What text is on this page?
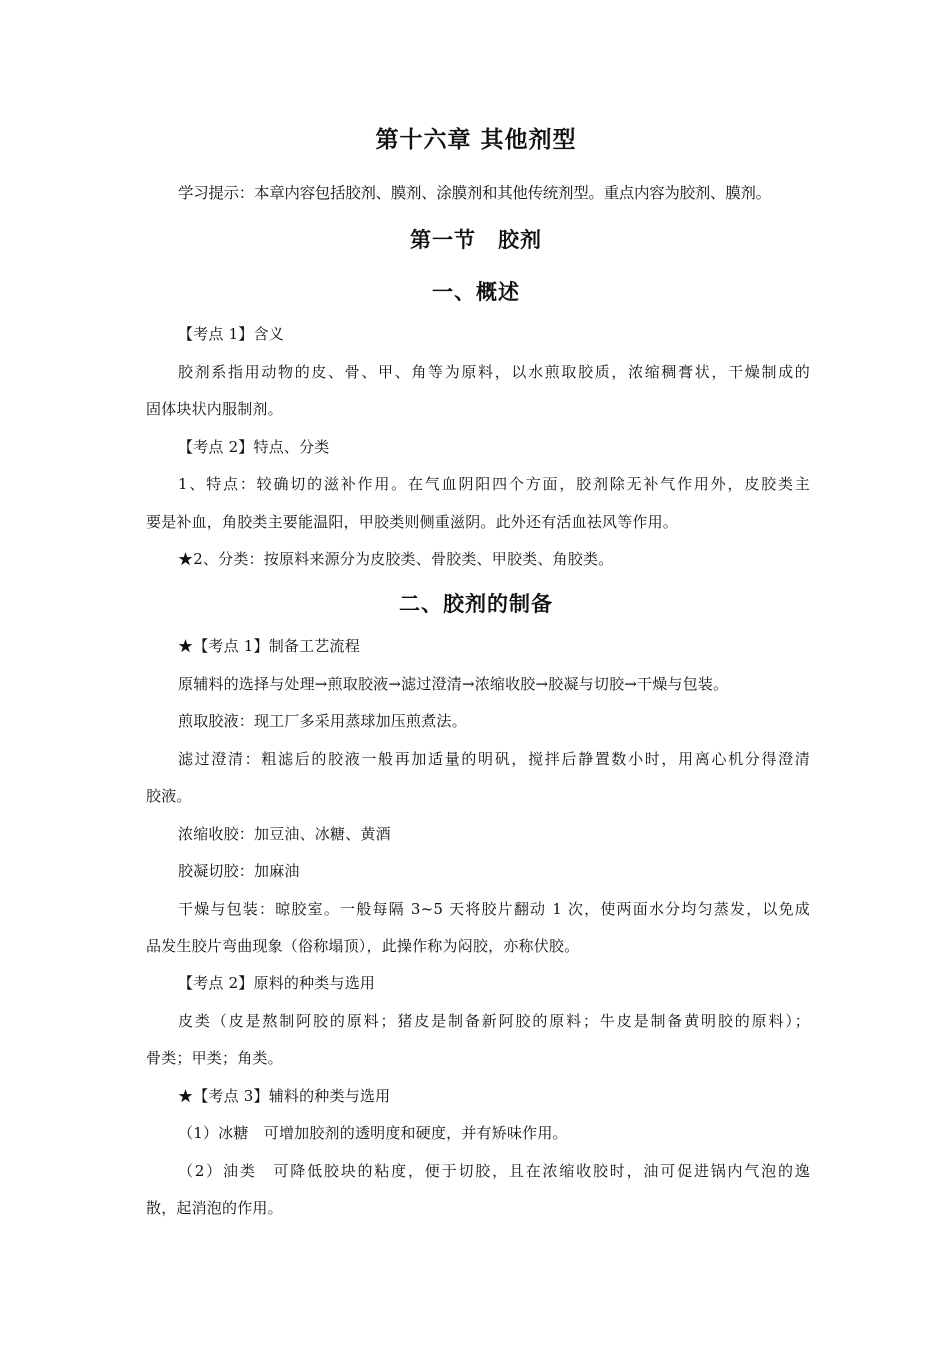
第十六章 其他剂型
学习提示：本章内容包括胶剂、膜剂、涂膜剂和其他传统剂型。重点内容为胶剂、膜剂。
第一节　胶剂
一、概述
【考点 1】含义
胶剂系指用动物的皮、骨、甲、角等为原料，以水煎取胶质，浓缩稠膏状，干燥制成的
固体块状内服制剂。
【考点 2】特点、分类
1、特点：较确切的滋补作用。在气血阴阳四个方面，胶剂除无补气作用外，皮胶类主
要是补血，角胶类主要能温阳，甲胶类则侧重滋阴。此外还有活血祛风等作用。
★2、分类：按原料来源分为皮胶类、骨胶类、甲胶类、角胶类。
二、胶剂的制备
★【考点 1】制备工艺流程
原辅料的选择与处理→煎取胶液→滤过澄清→浓缩收胶→胶凝与切胶→干燥与包装。
煎取胶液：现工厂多采用蒸球加压煎煮法。
滤过澄清：粗滤后的胶液一般再加适量的明矾，搅拌后静置数小时，用离心机分得澄清
胶液。
浓缩收胶：加豆油、冰糖、黄酒
胶凝切胶：加麻油
干燥与包装：晾胶室。一般每隔 3~5 天将胶片翻动 1 次，使两面水分均匀蒸发，以免成
品发生胶片弯曲现象（俗称塌顶），此操作称为闷胶，亦称伏胶。
【考点 2】原料的种类与选用
皮类（皮是熬制阿胶的原料；猪皮是制备新阿胶的原料；牛皮是制备黄明胶的原料）；
骨类；甲类；角类。
★【考点 3】辅料的种类与选用
（1）冰糖　可增加胶剂的透明度和硬度，并有矫味作用。
（2）油类　可降低胶块的粘度，便于切胶，且在浓缩收胶时，油可促进锅内气泡的逸
散，起消泡的作用。
